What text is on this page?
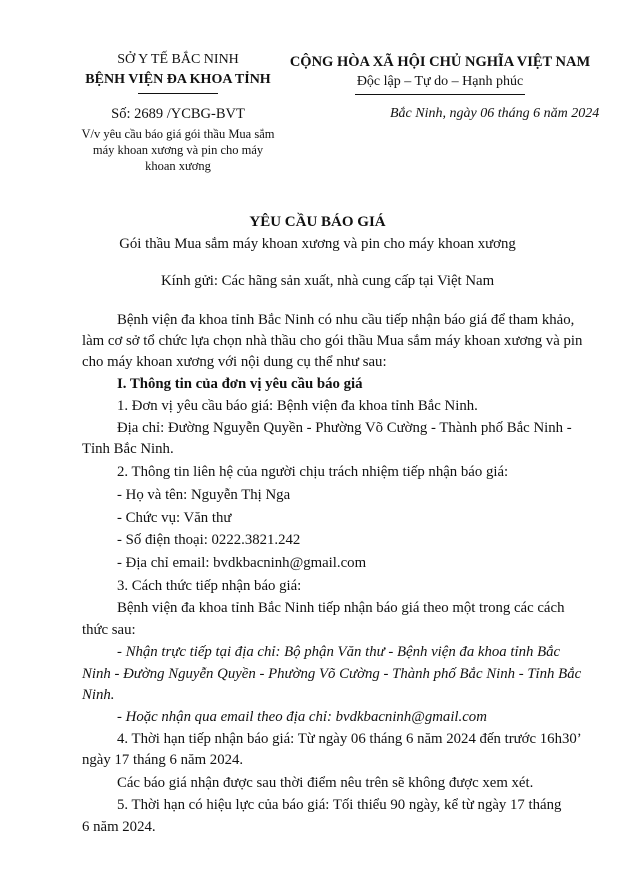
SỞ Y TẾ BẮC NINH
BỆNH VIỆN ĐA KHOA TỈNH
Số: 2689 /YCBG-BVT
V/v yêu cầu báo giá gói thầu Mua sắm
máy khoan xương và pin cho máy
khoan xương
CỘNG HÒA XÃ HỘI CHỦ NGHĨA VIỆT NAM
Độc lập – Tự do – Hạnh phúc
Bắc Ninh, ngày 06 tháng 6 năm 2024
YÊU CẦU BÁO GIÁ
Gói thầu Mua sắm máy khoan xương và pin cho máy khoan xương
Kính gửi: Các hãng sản xuất, nhà cung cấp tại Việt Nam
Bệnh viện đa khoa tỉnh Bắc Ninh có nhu cầu tiếp nhận báo giá để tham khảo,
làm cơ sở tổ chức lựa chọn nhà thầu cho gói thầu Mua sắm máy khoan xương và pin
cho máy khoan xương với nội dung cụ thể như sau:
I. Thông tin của đơn vị yêu cầu báo giá
1. Đơn vị yêu cầu báo giá: Bệnh viện đa khoa tỉnh Bắc Ninh.
Địa chỉ: Đường Nguyễn Quyền - Phường Võ Cường - Thành phố Bắc Ninh -
Tỉnh Bắc Ninh.
2. Thông tin liên hệ của người chịu trách nhiệm tiếp nhận báo giá:
- Họ và tên: Nguyễn Thị Nga
- Chức vụ: Văn thư
- Số điện thoại: 0222.3821.242
- Địa chỉ email: bvdkbacninh@gmail.com
3. Cách thức tiếp nhận báo giá:
Bệnh viện đa khoa tỉnh Bắc Ninh tiếp nhận báo giá theo một trong các cách
thức sau:
- Nhận trực tiếp tại địa chỉ: Bộ phận Văn thư - Bệnh viện đa khoa tỉnh Bắc
Ninh - Đường Nguyễn Quyền - Phường Võ Cường - Thành phố Bắc Ninh - Tỉnh Bắc
Ninh.
- Hoặc nhận qua email theo địa chỉ: bvdkbacninh@gmail.com
4. Thời hạn tiếp nhận báo giá: Từ ngày 06 tháng 6 năm 2024 đến trước 16h30’
ngày 17 tháng 6 năm 2024.
Các báo giá nhận được sau thời điểm nêu trên sẽ không được xem xét.
5. Thời hạn có hiệu lực của báo giá: Tối thiểu 90 ngày, kể từ ngày 17 tháng
6 năm 2024.
